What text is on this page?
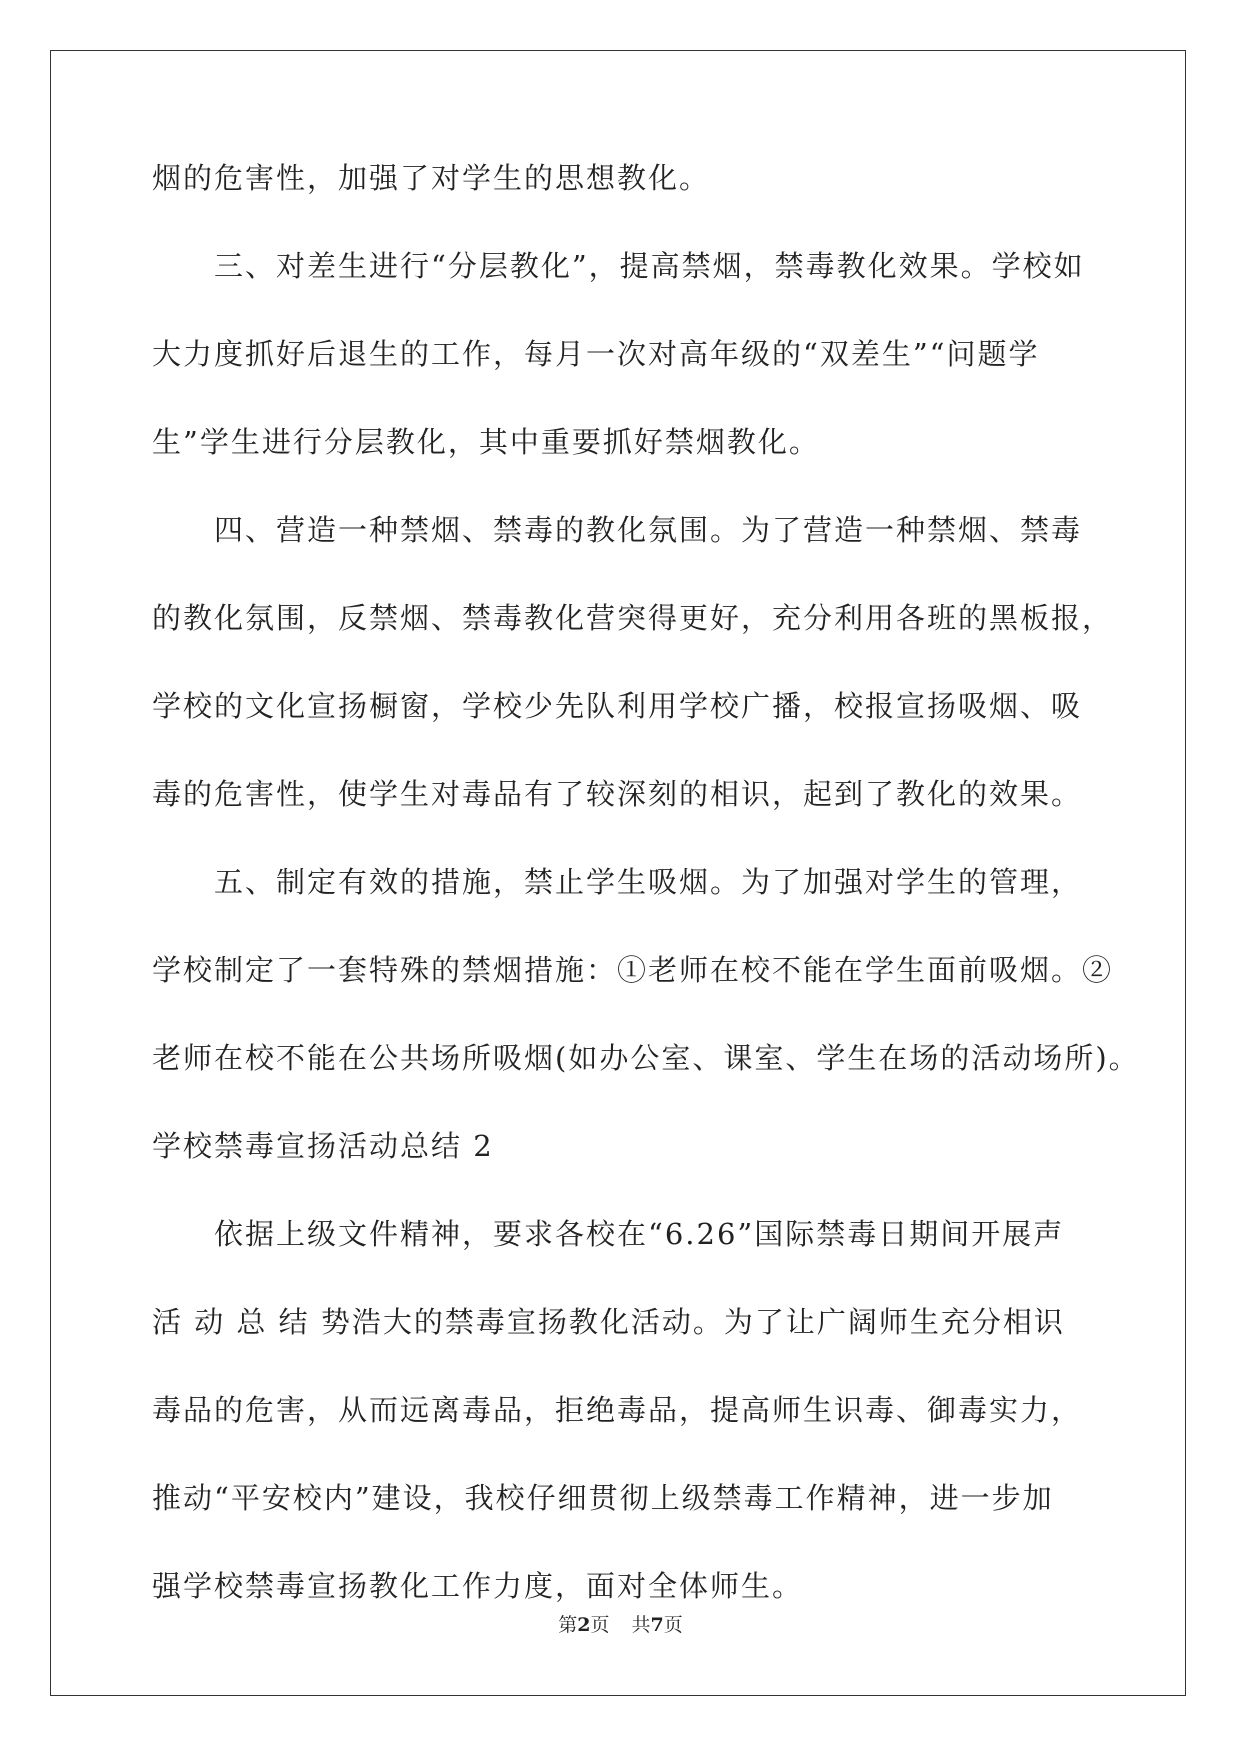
烟的危害性，加强了对学生的思想教化。
三、对差生进行“分层教化”，提高禁烟，禁毒教化效果。学校如
大力度抓好后退生的工作，每月一次对高年级的“双差生”“问题学
生”学生进行分层教化，其中重要抓好禁烟教化。
四、营造一种禁烟、禁毒的教化氛围。为了营造一种禁烟、禁毒
的教化氛围，反禁烟、禁毒教化营突得更好，充分利用各班的黑板报，
学校的文化宣扬橱窗，学校少先队利用学校广播，校报宣扬吸烟、吸
毒的危害性，使学生对毒品有了较深刻的相识，起到了教化的效果。
五、制定有效的措施，禁止学生吸烟。为了加强对学生的管理，
学校制定了一套特殊的禁烟措施：①老师在校不能在学生面前吸烟。②
老师在校不能在公共场所吸烟(如办公室、课室、学生在场的活动场所)。
学校禁毒宣扬活动总结 2
依据上级文件精神，要求各校在“6.26”国际禁毒日期间开展声
活 动 总 结 势浩大的禁毒宣扬教化活动。为了让广阔师生充分相识
毒品的危害，从而远离毒品，拒绝毒品，提高师生识毒、御毒实力，
推动“平安校内”建设，我校仔细贯彻上级禁毒工作精神，进一步加
强学校禁毒宣扬教化工作力度，面对全体师生。
第2页 共7页
